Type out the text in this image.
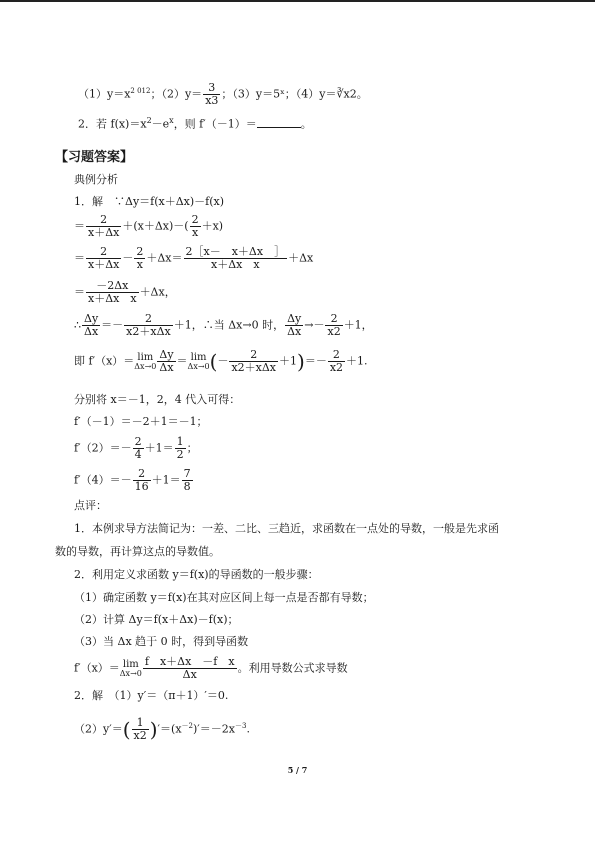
$(1)y=x^{2 012}$；$(2)y= \frac{3}{x3}$ ；（3）y＝5ˣ；（4）y＝∛x2。
2．若 $f(x)=x^2-e^x$，则 f′（－1）＝	。
【习题答案】
典例分析
1．解　∵Δy＝f(x＋Δx)－f(x)
＝ $\frac{2}{x+\Delta x} +(x+\Delta x)-( \frac{2}{x} +x)$
＝ $\frac{2}{x+\Delta x} - \frac{2}{x} +\Delta x= \frac{2[x- x+\Delta x ]}{\text{x＋Δx　x}} +\Delta x$
＝ $\frac{-2\Delta x}{\text{x＋Δx　x}} +\Delta x$，
∴ $\frac{\Delta y}{\Delta x} =- \frac{2}{\text{x2＋xΔx}} +1$，∴当 Δx→0 时， $\frac{\Delta y}{\Delta x} \to- \frac{2}{x2} +1$，
即 f′（x）＝ lim
$\Delta x\to 0 \frac{\Delta y}{\Delta x} = \lim$
Δx→0 (－ $\frac{2}{\text{x2＋xΔx}} +1)=- \frac{2}{x2} +1$.
分别将 x＝－1，2，4 代入可得：
f′（－1）＝－2＋1＝－1；
$f'(2)=- \frac{2}{4} +1= \frac{1}{2}$ ；
$f'(4)=- \frac{2}{16} +1= \frac{7}{8}$
点评：
1．本例求导方法简记为：一差、二比、三趋近，求函数在一点处的导数，一般是先求函
数的导数，再计算这点的导数值。
2．利用定义求函数 y＝f(x)的导函数的一般步骤：
（1）确定函数 y＝f(x)在其对应区间上每一点是否都有导数；
（2）计算 Δy＝f(x＋Δx)－f(x)；
（3）当 Δx 趋于 0 时，得到导函数
f′（x）＝ lim
$\Delta x\to 0 \frac{\text{f　x＋Δx　－f　x}}{\Delta x}$ 。利用导数公式求导数
2．解　（1）y′＝（π＋1）′＝0.
$(2)y'=( \frac{1}{x2} )'=(x^{-2})'=-2x^{-3}$.
5 / 7
